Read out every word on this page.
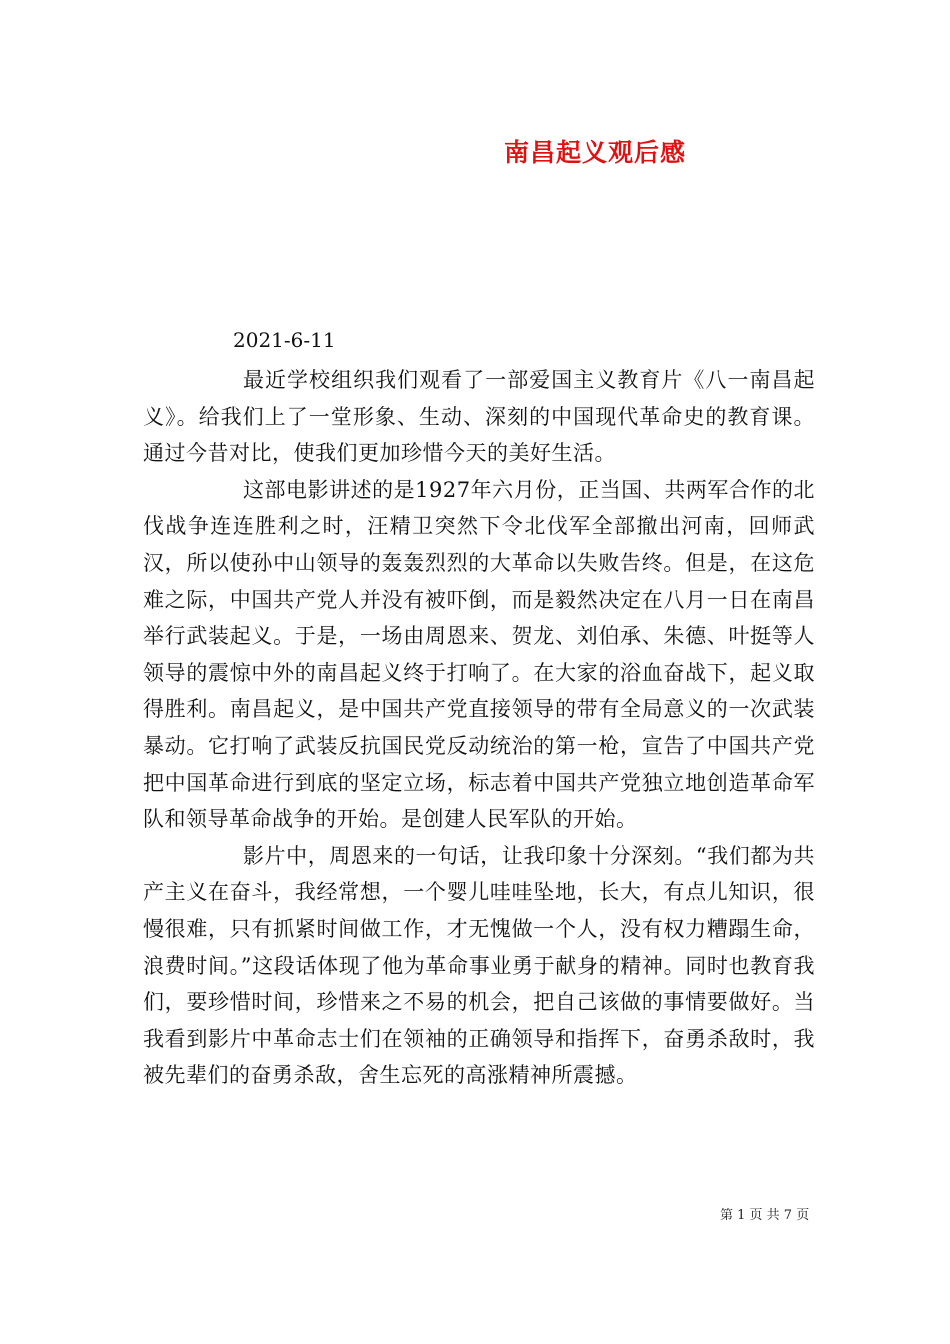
南昌起义观后感
2021-6-11

最近学校组织我们观看了一部爱国主义教育片《八一南昌起义》。给我们上了一堂形象、生动、深刻的中国现代革命史的教育课。通过今昔对比，使我们更加珍惜今天的美好生活。

这部电影讲述的是1927年六月份，正当国、共两军合作的北伐战争连连胜利之时，汪精卫突然下令北伐军全部撤出河南，回师武汉，所以使孙中山领导的轰轰烈烈的大革命以失败告终。但是，在这危难之际，中国共产党人并没有被吓倒，而是毅然决定在八月一日在南昌举行武装起义。于是，一场由周恩来、贺龙、刘伯承、朱德、叶挺等人领导的震惊中外的南昌起义终于打响了。在大家的浴血奋战下，起义取得胜利。南昌起义，是中国共产党直接领导的带有全局意义的一次武装暴动。它打响了武装反抗国民党反动统治的第一枪，宣告了中国共产党把中国革命进行到底的坚定立场，标志着中国共产党独立地创造革命军队和领导革命战争的开始。是创建人民军队的开始。

影片中，周恩来的一句话，让我印象十分深刻。“我们都为共产主义在奋斗，我经常想，一个婴儿哇哇坠地，长大，有点儿知识，很慢很难，只有抓紧时间做工作，才无愧做一个人，没有权力糟蹋生命，浪费时间。”这段话体现了他为革命事业勇于献身的精神。同时也教育我们，要珍惜时间，珍惜来之不易的机会，把自己该做的事情要做好。当我看到影片中革命志士们在领袖的正确领导和指挥下，奋勇杀敌时，我被先辈们的奋勇杀敌，舍生忘死的高涨精神所震撼。

第 1 页 共 7 页
